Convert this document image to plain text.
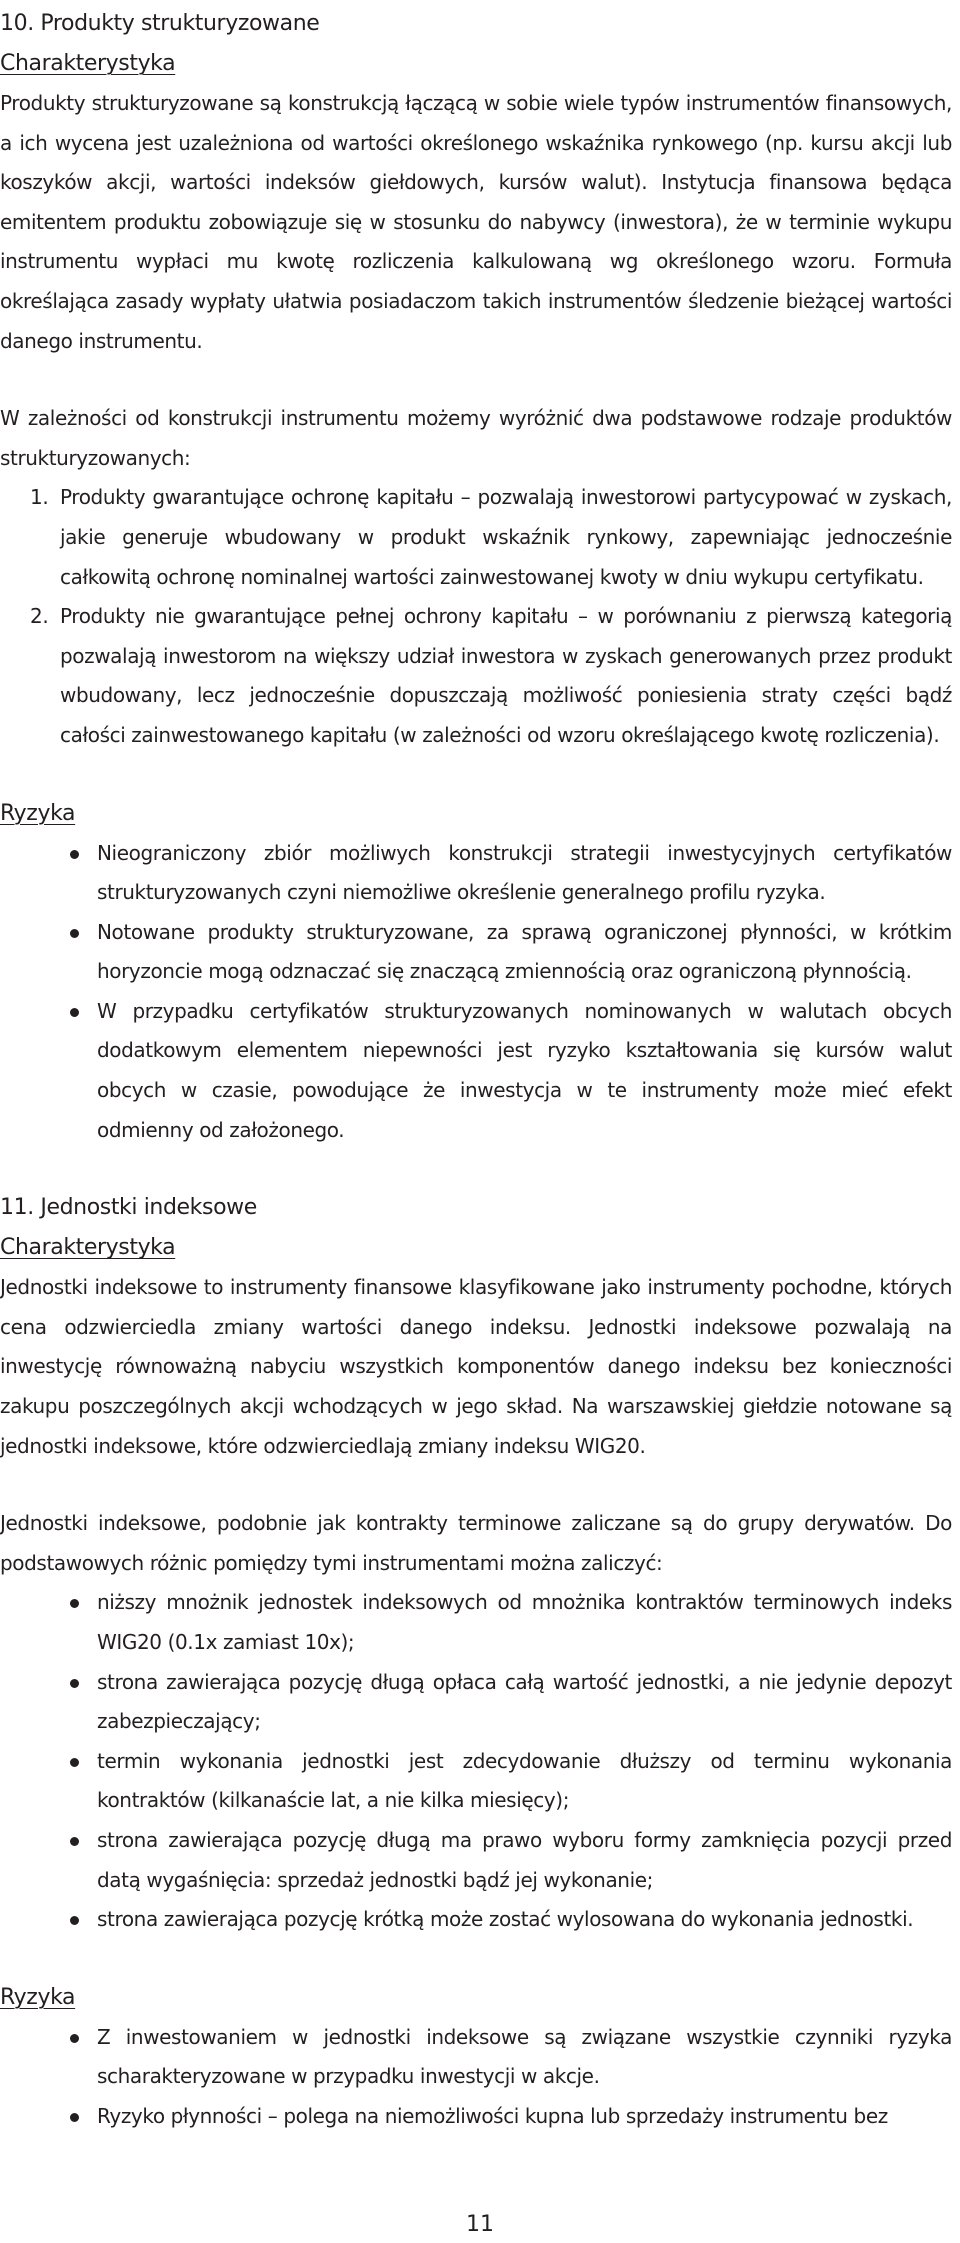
10. Produkty strukturyzowane
Charakterystyka

Produkty strukturyzowane są konstrukcją łączącą w sobie wiele typów instrumentów finansowych, a ich wycena jest uzależniona od wartości określonego wskaźnika rynkowego (np. kursu akcji lub koszyków akcji, wartości indeksów giełdowych, kursów walut). Instytucja finansowa będąca emitentem produktu zobowiązuje się w stosunku do nabywcy (inwestora), że w terminie wykupu instrumentu wypłaci mu kwotę rozliczenia kalkulowaną wg określonego wzoru. Formuła określająca zasady wypłaty ułatwia posiadaczom takich instrumentów śledzenie bieżącej wartości danego instrumentu.

W zależności od konstrukcji instrumentu możemy wyróżnić dwa podstawowe rodzaje produktów strukturyzowanych:

1. Produkty gwarantujące ochronę kapitału – pozwalają inwestorowi partycypować w zyskach, jakie generuje wbudowany w produkt wskaźnik rynkowy, zapewniając jednocześnie całkowitą ochronę nominalnej wartości zainwestowanej kwoty w dniu wykupu certyfikatu.
2. Produkty nie gwarantujące pełnej ochrony kapitału – w porównaniu z pierwszą kategorią pozwalają inwestorom na większy udział inwestora w zyskach generowanych przez produkt wbudowany, lecz jednocześnie dopuszczają możliwość poniesienia straty części bądź całości zainwestowanego kapitału (w zależności od wzoru określającego kwotę rozliczenia).
Ryzyka
Nieograniczony zbiór możliwych konstrukcji strategii inwestycyjnych certyfikatów strukturyzowanych czyni niemożliwe określenie generalnego profilu ryzyka.
Notowane produkty strukturyzowane, za sprawą ograniczonej płynności, w krótkim horyzoncie mogą odznaczać się znaczącą zmiennością oraz ograniczoną płynnością.
W przypadku certyfikatów strukturyzowanych nominowanych w walutach obcych dodatkowym elementem niepewności jest ryzyko kształtowania się kursów walut obcych w czasie, powodujące że inwestycja w te instrumenty może mieć efekt odmienny od założonego.
11. Jednostki indeksowe
Charakterystyka

Jednostki indeksowe to instrumenty finansowe klasyfikowane jako instrumenty pochodne, których cena odzwierciedla zmiany wartości danego indeksu. Jednostki indeksowe pozwalają na inwestycję równoważną nabyciu wszystkich komponentów danego indeksu bez konieczności zakupu poszczególnych akcji wchodzących w jego skład. Na warszawskiej giełdzie notowane są jednostki indeksowe, które odzwierciedlają zmiany indeksu WIG20.

Jednostki indeksowe, podobnie jak kontrakty terminowe zaliczane są do grupy derywatów. Do podstawowych różnic pomiędzy tymi instrumentami można zaliczyć:

niższy mnożnik jednostek indeksowych od mnożnika kontraktów terminowych indeks WIG20 (0.1x zamiast 10x);
strona zawierająca pozycję długą opłaca całą wartość jednostki, a nie jedynie depozyt zabezpieczający;
termin wykonania jednostki jest zdecydowanie dłuższy od terminu wykonania kontraktów (kilkanaście lat, a nie kilka miesięcy);
strona zawierająca pozycję długą ma prawo wyboru formy zamknięcia pozycji przed datą wygaśnięcia: sprzedaż jednostki bądź jej wykonanie;
strona zawierająca pozycję krótką może zostać wylosowana do wykonania jednostki.
Ryzyka
Z inwestowaniem w jednostki indeksowe są związane wszystkie czynniki ryzyka scharakteryzowane w przypadku inwestycji w akcje.
Ryzyko płynności – polega na niemożliwości kupna lub sprzedaży instrumentu bez
11
